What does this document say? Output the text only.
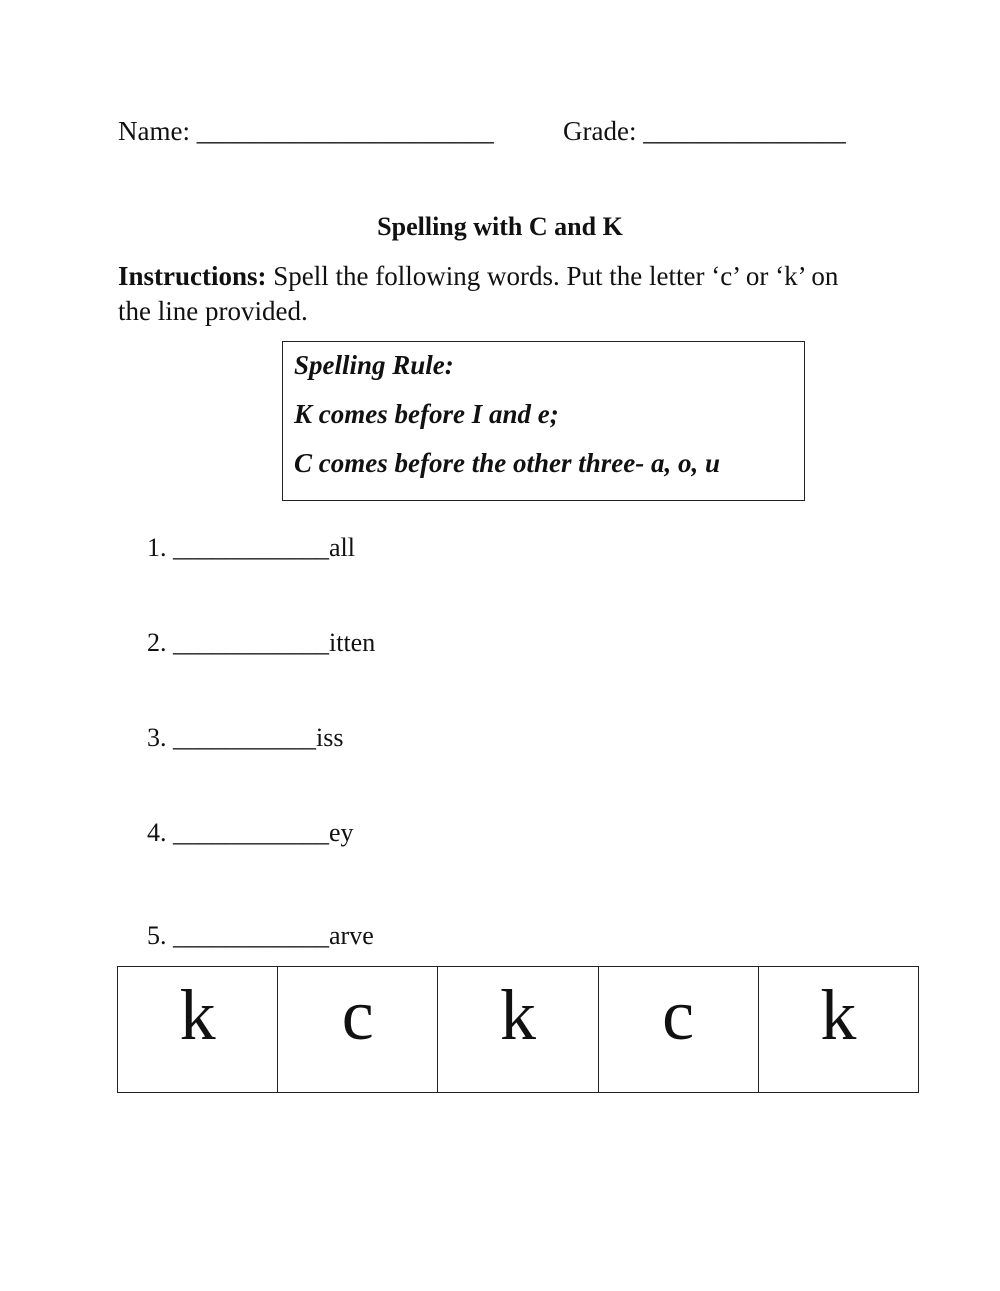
Name: ______________________	Grade: _______________
Spelling with C and K
Instructions: Spell the following words. Put the letter ‘c’ or ‘k’ on the line provided.
Spelling Rule:
K comes before I and e;
C comes before the other three- a, o, u
1. ____________all
2. ____________itten
3. ___________iss
4. ____________ey
5. ____________arve
k	c	k	c	k
